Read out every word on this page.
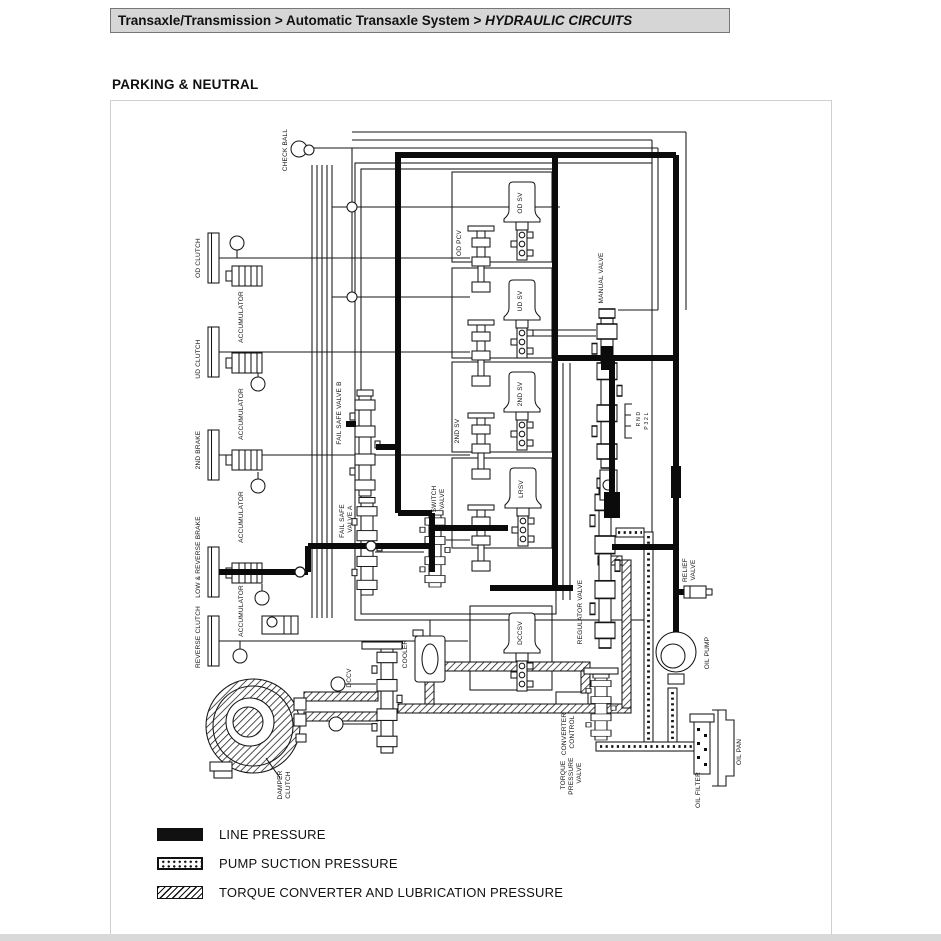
Transaxle/Transmission > Automatic Transaxle System > HYDRAULIC CIRCUITS
PARKING & NEUTRAL
CHECK BALL
OD CLUTCH
ACCUMULATOR
UD CLUTCH
ACCUMULATOR
2ND BRAKE
ACCUMULATOR
LOW & REVERSE BRAKE
ACCUMULATOR
REVERSE CLUTCH
FAIL SAFE VALVE B
FAIL SAFE VALVE A
SWITCH VALVE
OD SV
OD PCV
UD SV
2ND SV
2ND SV
LRSV
MANUAL VALVE
R N D P 3 2 L
REGULATOR VALVE
RELIEF VALVE
OIL PUMP
DCCV
COOLER
DCCSV
CONVERTER CONTROL
TORQUE PRESSURE VALVE	OIL FILTER
OIL PAN
DAMPER CLUTCH
LINE PRESSURE
PUMP SUCTION PRESSURE
TORQUE CONVERTER AND LUBRICATION PRESSURE
